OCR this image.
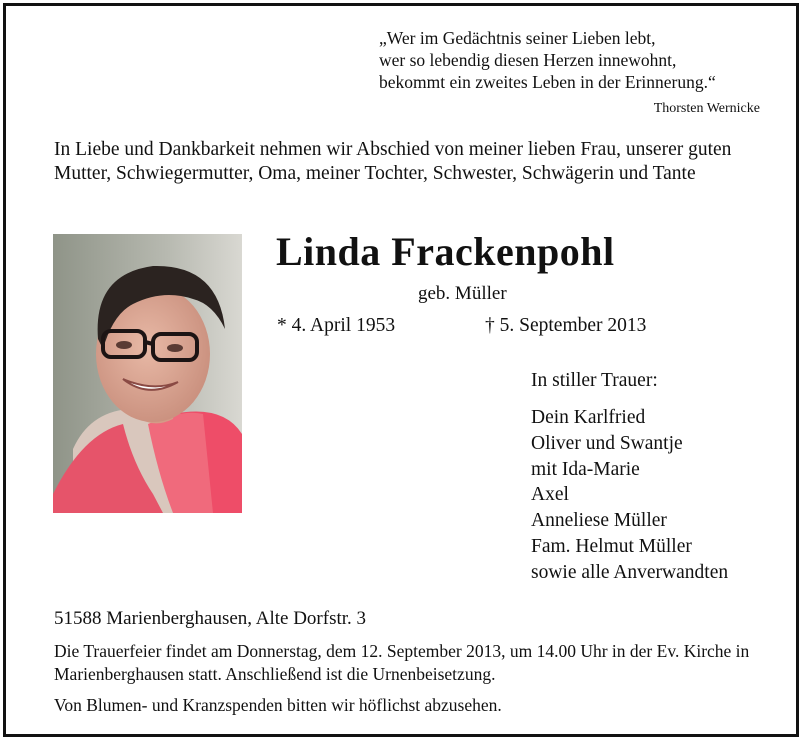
„Wer im Gedächtnis seiner Lieben lebt,
wer so lebendig diesen Herzen innewohnt,
bekommt ein zweites Leben in der Erinnerung.“
Thorsten Wernicke
In Liebe und Dankbarkeit nehmen wir Abschied von meiner lieben Frau, unserer guten Mutter, Schwiegermutter, Oma, meiner Tochter, Schwester, Schwägerin und Tante
Linda Frackenpohl
geb. Müller
* 4. April 1953	† 5. September 2013
In stiller Trauer:
Dein Karlfried
Oliver und Swantje
mit Ida-Marie
Axel
Anneliese Müller
Fam. Helmut Müller
sowie alle Anverwandten
51588 Marienberghausen, Alte Dorfstr. 3
Die Trauerfeier findet am Donnerstag, dem 12. September 2013, um 14.00 Uhr in der Ev. Kirche in Marienberghausen statt. Anschließend ist die Urnenbeisetzung.
Von Blumen- und Kranzspenden bitten wir höflichst abzusehen.
